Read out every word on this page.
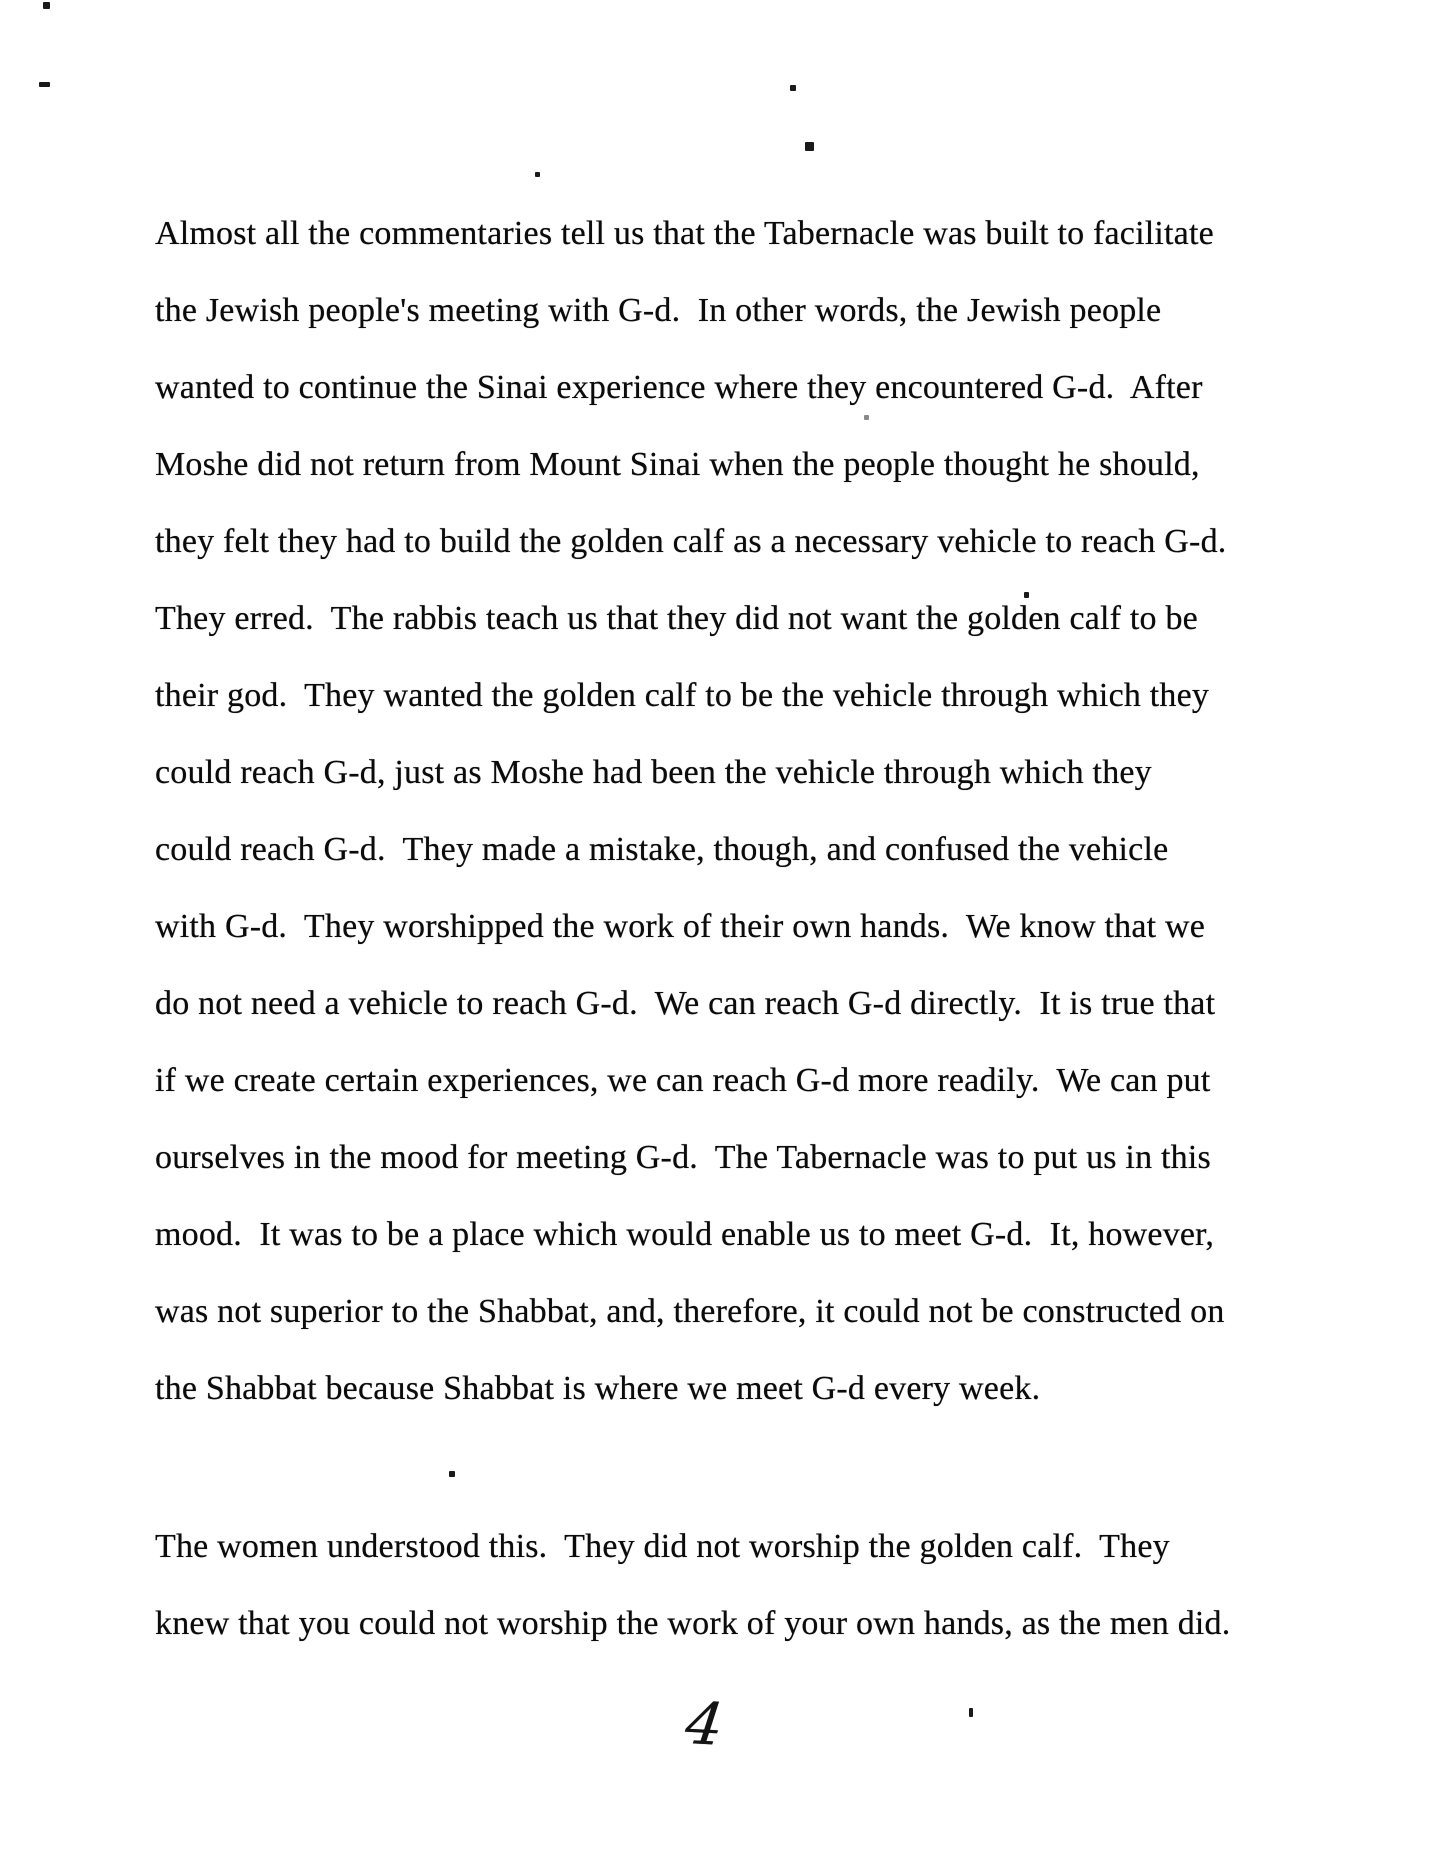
Almost all the commentaries tell us that the Tabernacle was built to facilitate
the Jewish people's meeting with G-d.  In other words, the Jewish people
wanted to continue the Sinai experience where they encountered G-d.  After
Moshe did not return from Mount Sinai when the people thought he should,
they felt they had to build the golden calf as a necessary vehicle to reach G-d.
They erred.  The rabbis teach us that they did not want the golden calf to be
their god.  They wanted the golden calf to be the vehicle through which they
could reach G-d, just as Moshe had been the vehicle through which they
could reach G-d.  They made a mistake, though, and confused the vehicle
with G-d.  They worshipped the work of their own hands.  We know that we
do not need a vehicle to reach G-d.  We can reach G-d directly.  It is true that
if we create certain experiences, we can reach G-d more readily.  We can put
ourselves in the mood for meeting G-d.  The Tabernacle was to put us in this
mood.  It was to be a place which would enable us to meet G-d.  It, however,
was not superior to the Shabbat, and, therefore, it could not be constructed on
the Shabbat because Shabbat is where we meet G-d every week.
The women understood this.  They did not worship the golden calf.  They
knew that you could not worship the work of your own hands, as the men did.
4
